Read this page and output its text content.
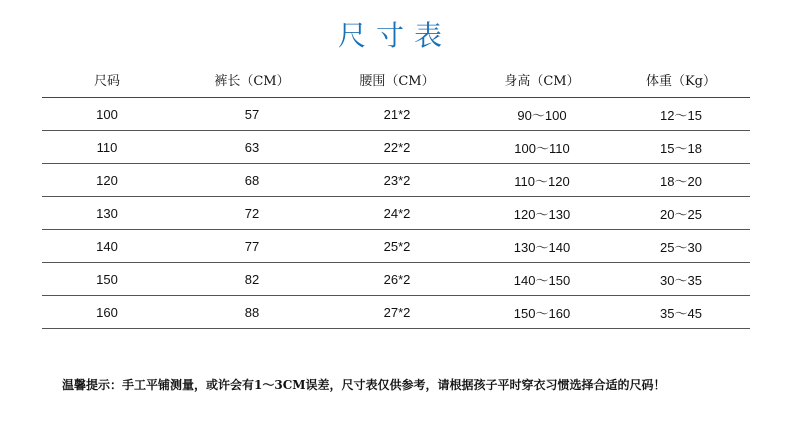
尺寸表
尺码	裤长（CM）	腰围（CM）	身高（CM）	体重（Kg）
100	57	21*2	90～100	12～15
110	63	22*2	100～110	15～18
120	68	23*2	110～120	18～20
130	72	24*2	120～130	20～25
140	77	25*2	130～140	25～30
150	82	26*2	140～150	30～35
160	88	27*2	150～160	35～45
温馨提示：手工平铺测量，或许会有1～3CM误差，尺寸表仅供参考，请根据孩子平时穿衣习惯选择合适的尺码！
